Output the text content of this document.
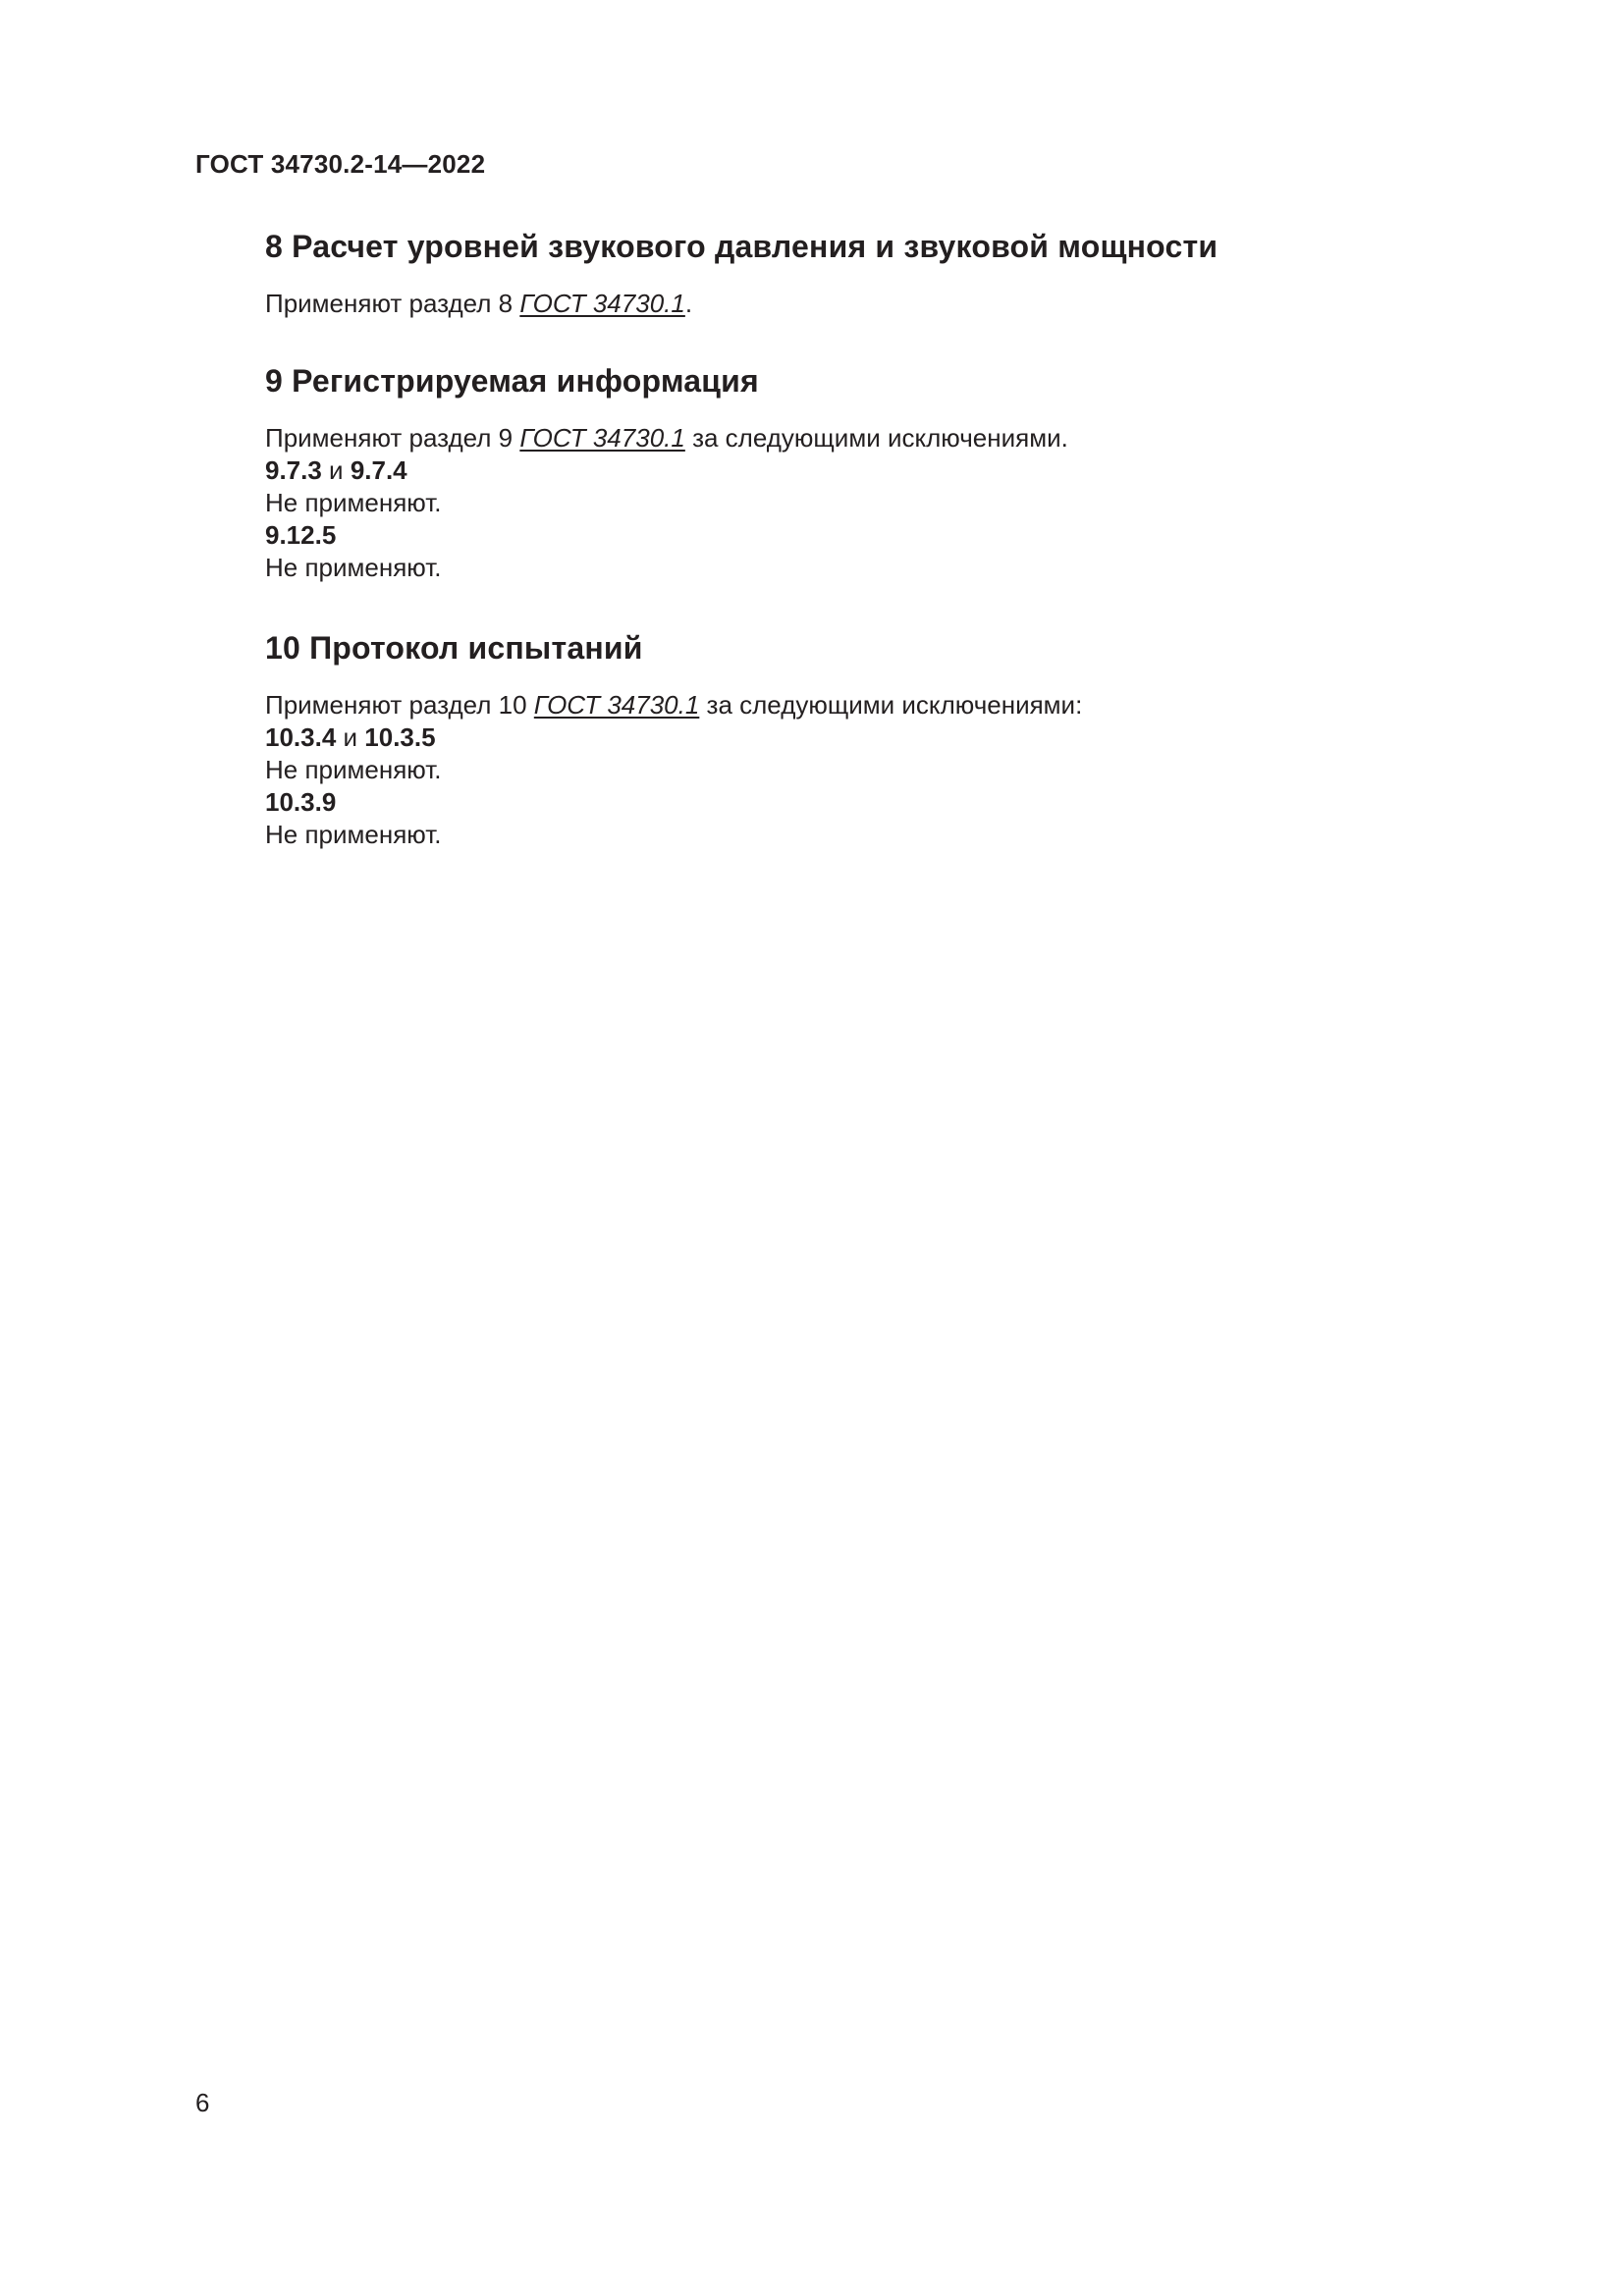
ГОСТ 34730.2-14—2022
8 Расчет уровней звукового давления и звуковой мощности

Применяют раздел 8 ГОСТ 34730.1.

9 Регистрируемая информация

Применяют раздел 9 ГОСТ 34730.1 за следующими исключениями.

9.7.3 и 9.7.4

Не применяют.

9.12.5

Не применяют.

10 Протокол испытаний

Применяют раздел 10 ГОСТ 34730.1 за следующими исключениями:

10.3.4 и 10.3.5

Не применяют.

10.3.9

Не применяют.

6
